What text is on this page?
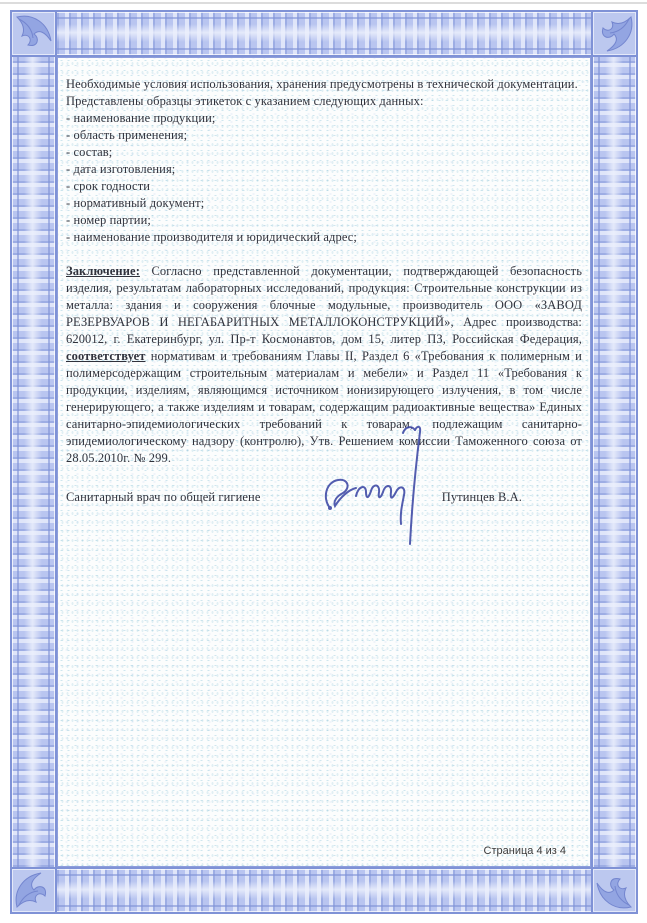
Необходимые условия использования, хранения предусмотрены в технической документации.

Представлены образцы этикеток с указанием следующих данных:

- наименование продукции;

- область применения;

- состав;

- дата изготовления;

- срок годности

- нормативный документ;

- номер партии;

- наименование производителя и юридический адрес;

Заключение: Согласно представленной документации, подтверждающей безопасность изделия, результатам лабораторных исследований, продукция: Строительные конструкции из металла: здания и сооружения блочные модульные, производитель ООО «ЗАВОД РЕЗЕРВУАРОВ И НЕГАБАРИТНЫХ МЕТАЛЛОКОНСТРУКЦИЙ», Адрес производства: 620012, г. Екатеринбург, ул. Пр-т Космонавтов, дом 15, литер ПЗ, Российская Федерация, соответствует нормативам и требованиям Главы II, Раздел 6 «Требования к полимерным и полимерсодержащим строительным материалам и мебели» и Раздел 11 «Требования к продукции, изделиям, являющимся источником ионизирующего излучения, в том числе генерирующего, а также изделиям и товарам, содержащим радиоактивные вещества» Единых санитарно-эпидемиологических требований к товарам, подлежащим санитарно-эпидемиологическому надзору (контролю), Утв. Решением комиссии Таможенного союза от 28.05.2010г. № 299.

Санитарный врач по общей гигиене	Путинцев В.А.
Страница 4 из 4
